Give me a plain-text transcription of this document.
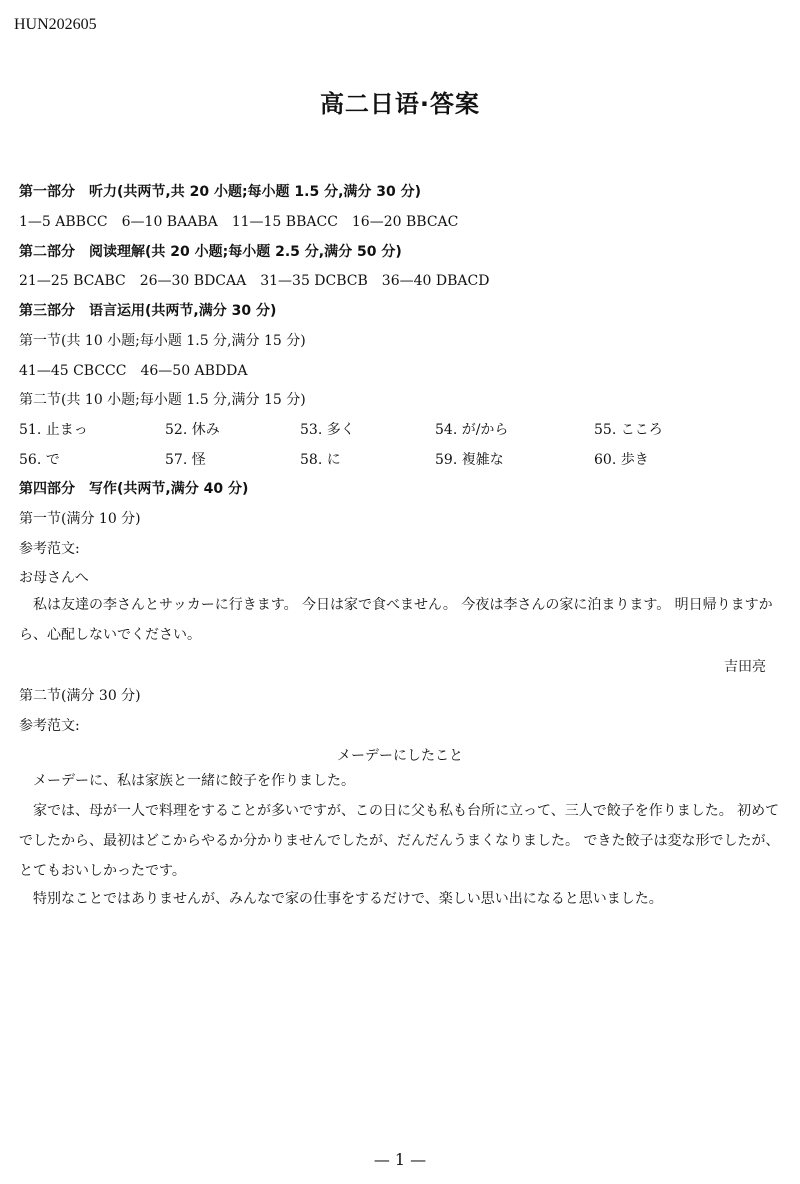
HUN202605
高二日语·答案
第一部分　听力(共两节,共 20 小题;每小题 1.5 分,满分 30 分)
1—5 ABBCC　6—10 BAABA　11—15 BBACC　16—20 BBCAC
第二部分　阅读理解(共 20 小题;每小题 2.5 分,满分 50 分)
21—25 BCABC　26—30 BDCAA　31—35 DCBCB　36—40 DBACD
第三部分　语言运用(共两节,满分 30 分)
第一节(共 10 小题;每小题 1.5 分,满分 15 分)
41—45 CBCCC　46—50 ABDDA
第二节(共 10 小题;每小题 1.5 分,满分 15 分)
51. 止まっ	52. 休み	53. 多く	54. が/から	55. こころ
56. で	57. 怪	58. に	59. 複雑な	60. 歩き
第四部分　写作(共两节,满分 40 分)
第一节(满分 10 分)
参考范文:
お母さんへ
私は友達の李さんとサッカーに行きます。 今日は家で食べません。 今夜は李さんの家に泊まります。 明日帰りますから、心配しないでください。
吉田亮
第二节(满分 30 分)
参考范文:
メーデーにしたこと
メーデーに、私は家族と一緒に餃子を作りました。
家では、母が一人で料理をすることが多いですが、この日に父も私も台所に立って、三人で餃子を作りました。 初めてでしたから、最初はどこからやるか分かりませんでしたが、だんだんうまくなりました。 できた餃子は変な形でしたが、とてもおいしかったです。
特別なことではありませんが、みんなで家の仕事をするだけで、楽しい思い出になると思いました。
— 1 —
